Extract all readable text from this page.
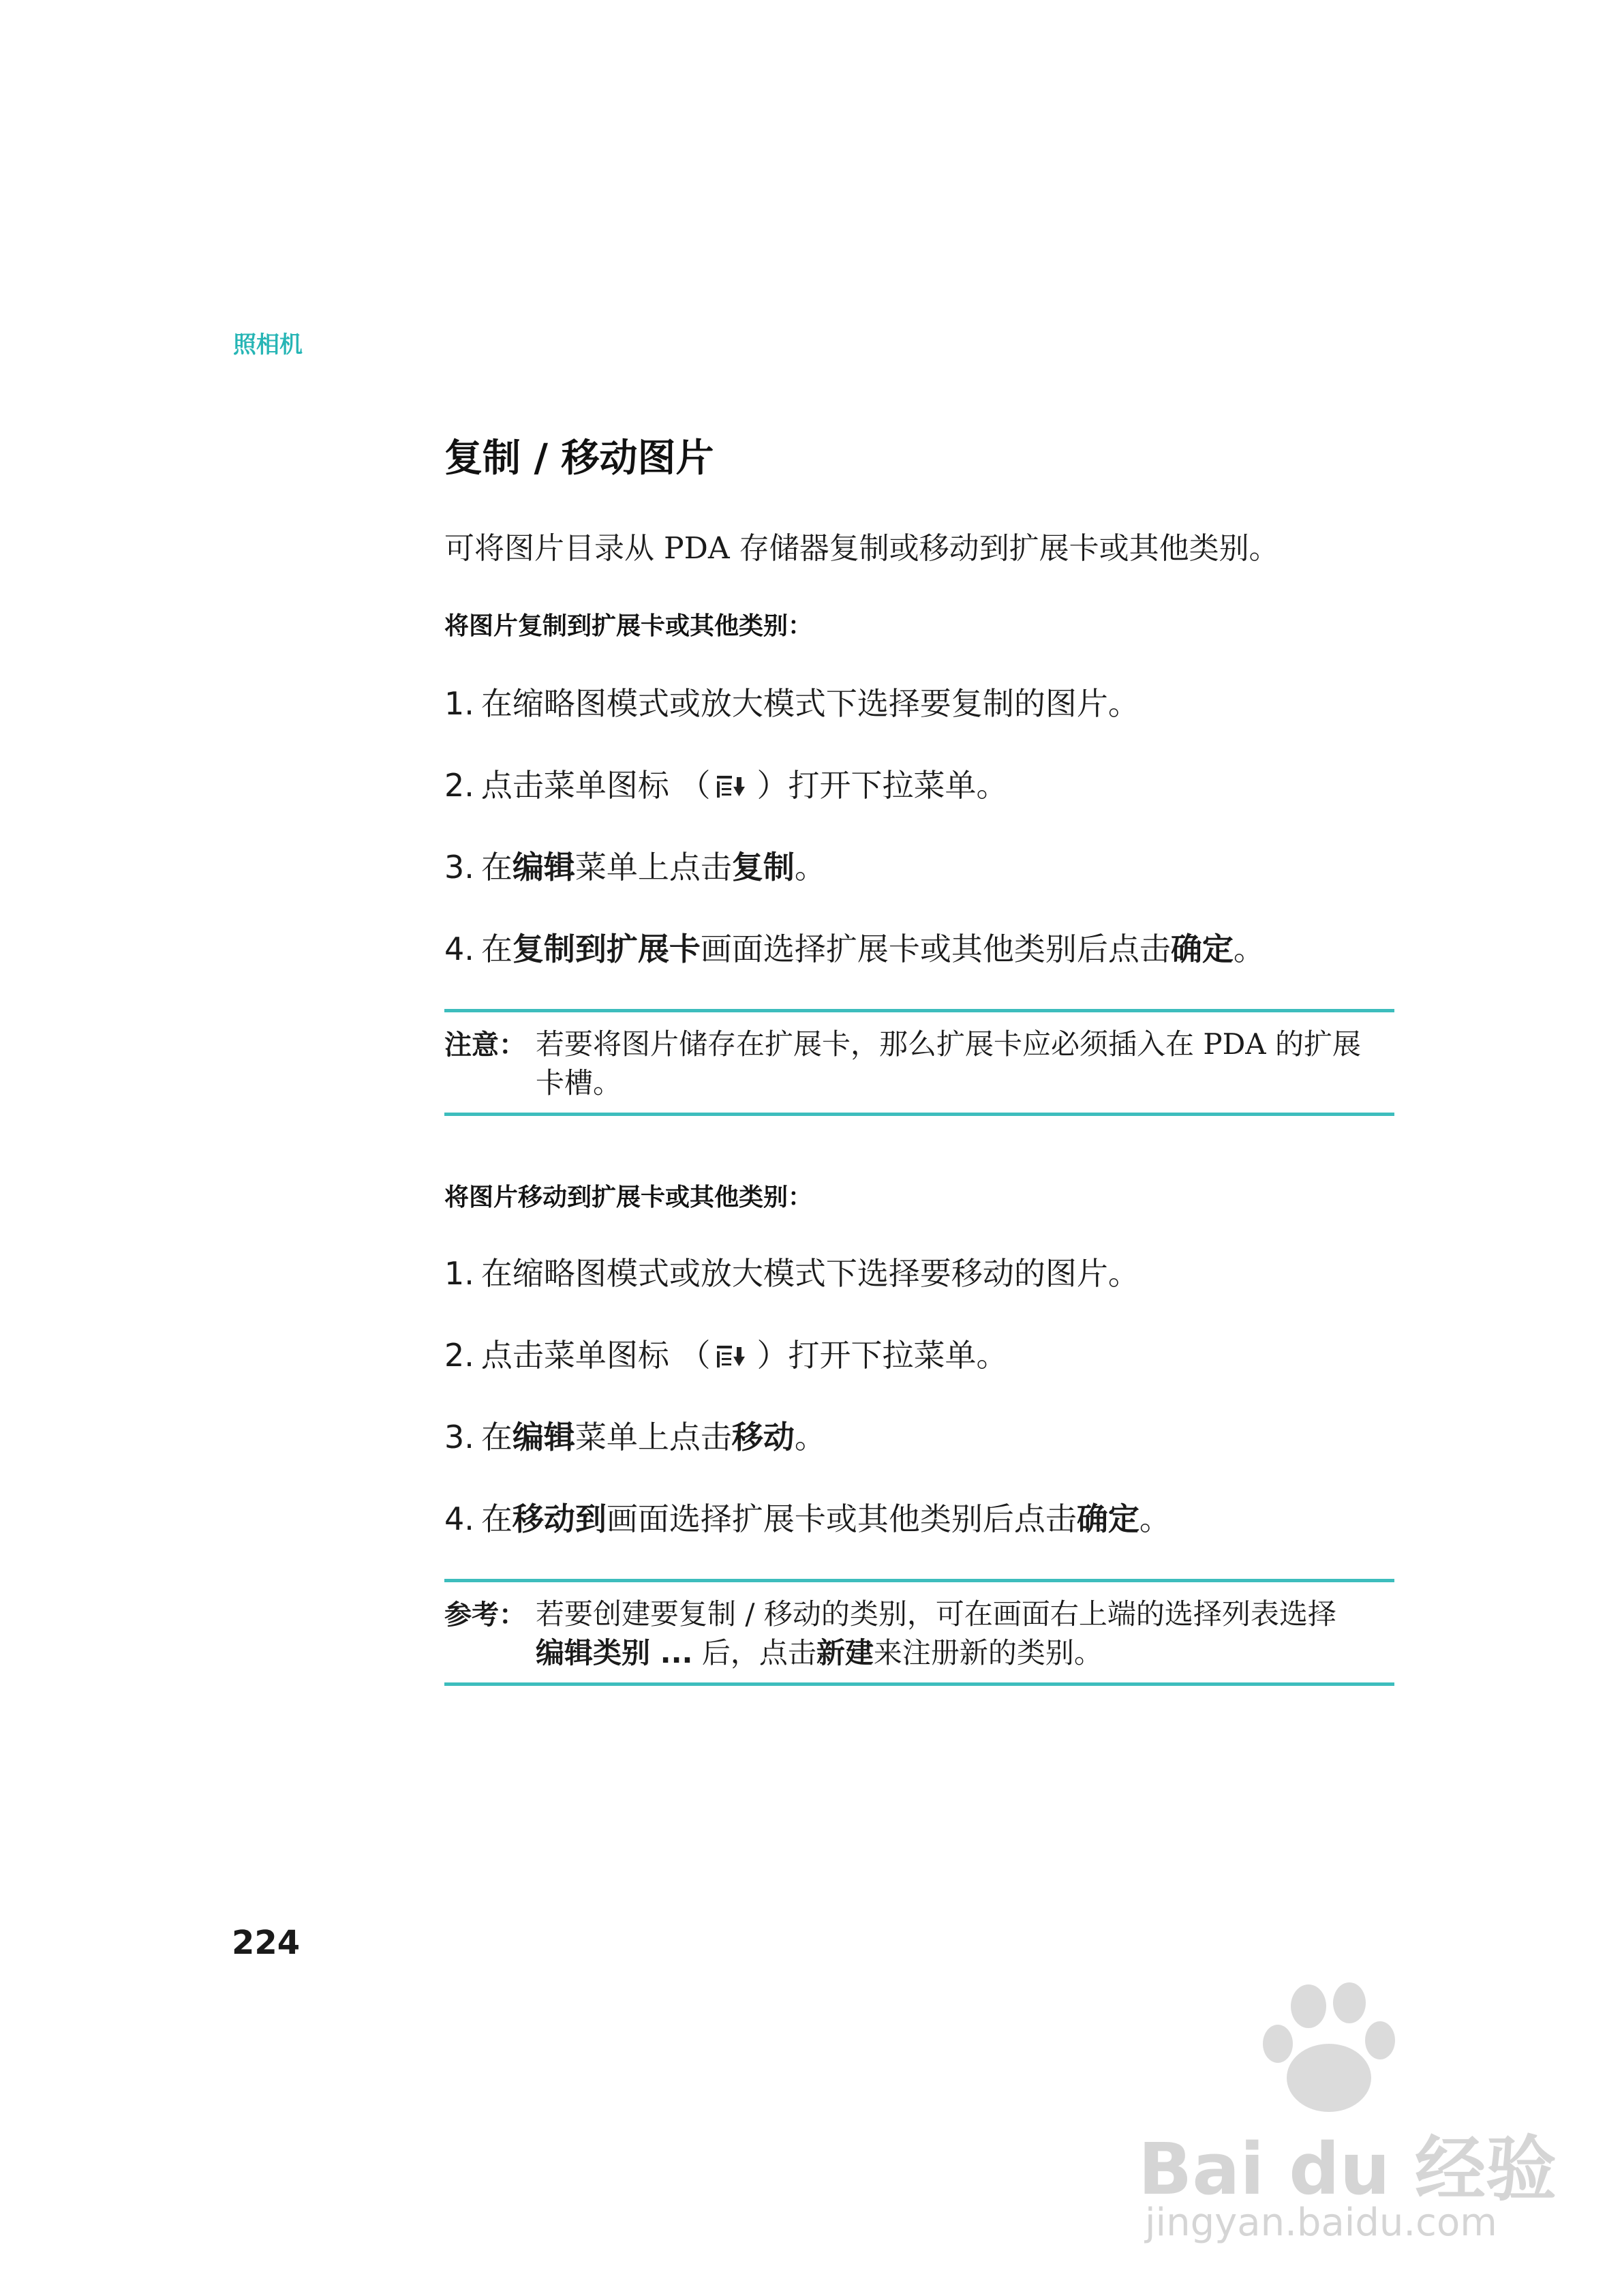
照相机
复制 / 移动图片
可将图片目录从 PDA 存储器复制或移动到扩展卡或其他类别。
将图片复制到扩展卡或其他类别：
1. 在缩略图模式或放大模式下选择要复制的图片。
2. 点击菜单图标 （ ）打开下拉菜单。
3. 在编辑菜单上点击复制。
4. 在复制到扩展卡画面选择扩展卡或其他类别后点击确定。
注意： 若要将图片储存在扩展卡，那么扩展卡应必须插入在 PDA 的扩展
卡槽。
将图片移动到扩展卡或其他类别：
1. 在缩略图模式或放大模式下选择要移动的图片。
2. 点击菜单图标 （ ）打开下拉菜单。
3. 在编辑菜单上点击移动。
4. 在移动到画面选择扩展卡或其他类别后点击确定。
参考： 若要创建要复制 / 移动的类别，可在画面右上端的选择列表选择
编辑类别 ... 后，点击新建来注册新的类别。
224
Bai du 经验
jingyan.baidu.com
